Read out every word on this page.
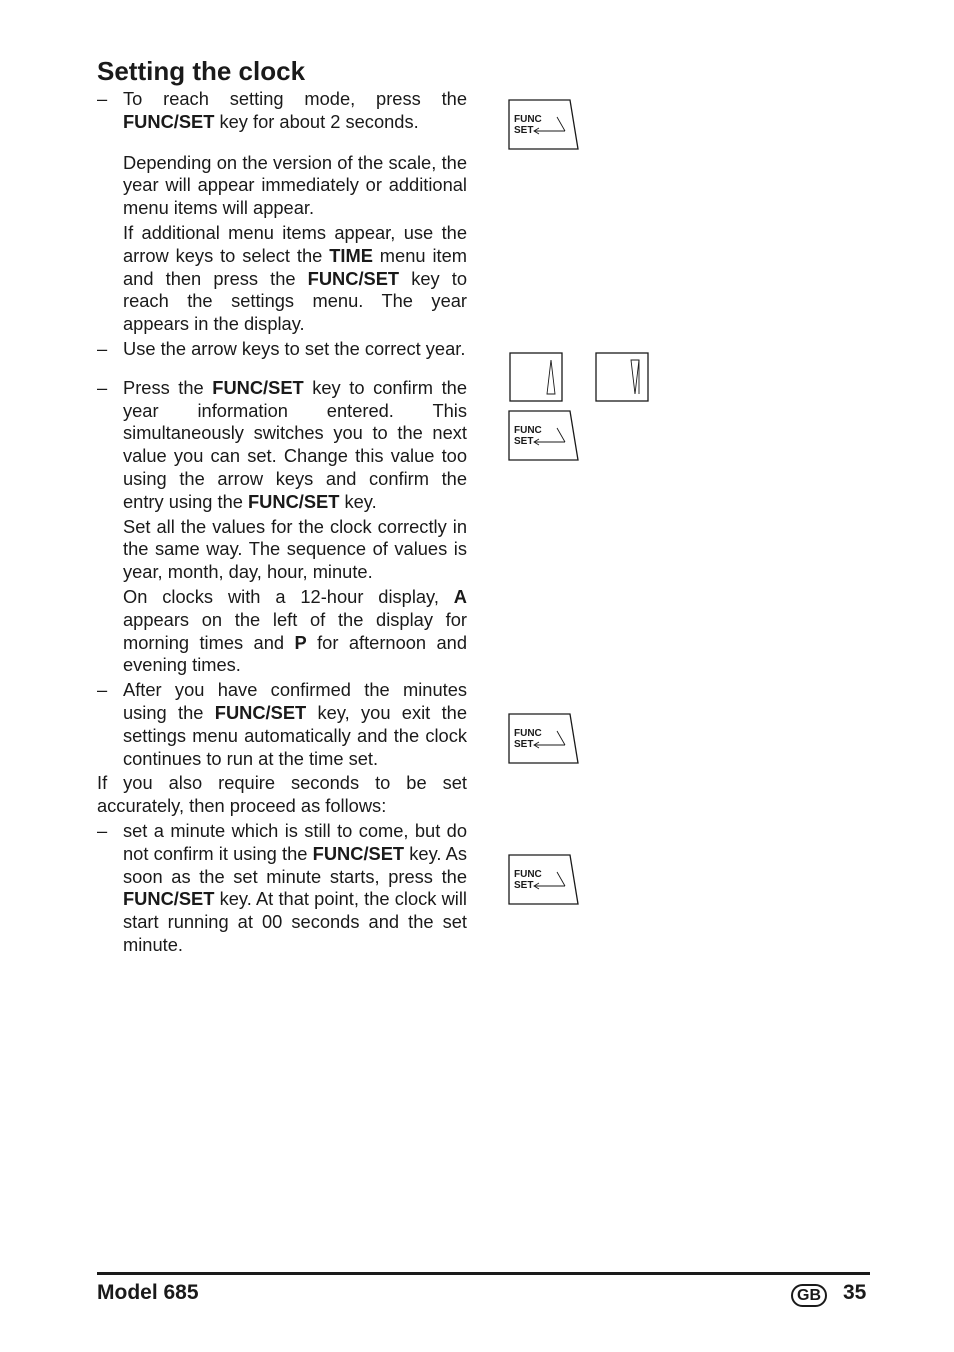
Setting the clock
– To reach setting mode, press the FUNC/SET key for about 2 seconds.

Depending on the version of the scale, the year will appear immediately or additional menu items will appear.

If additional menu items appear, use the arrow keys to select the TIME menu item and then press the FUNC/SET key to reach the settings menu. The year appears in the display.

– Use the arrow keys to set the correct year.

– Press the FUNC/SET key to confirm the year information entered. This simultaneously switches you to the next value you can set. Change this value too using the arrow keys and confirm the entry using the FUNC/SET key.

Set all the values for the clock correctly in the same way. The sequence of values is year, month, day, hour, minute.

On clocks with a 12-hour display, A appears on the left of the display for morning times and P for afternoon and evening times.

– After you have confirmed the minutes using the FUNC/SET key, you exit the settings menu automatically and the clock continues to run at the time set.

If you also require seconds to be set accurately, then proceed as follows:

– set a minute which is still to come, but do not confirm it using the FUNC/SET key. As soon as the set minute starts, press the FUNC/SET key. At that point, the clock will start running at 00 seconds and the set minute.

FUNC
SET
FUNC
SET
FUNC
SET
FUNC
SET
Model 685	GB 35
